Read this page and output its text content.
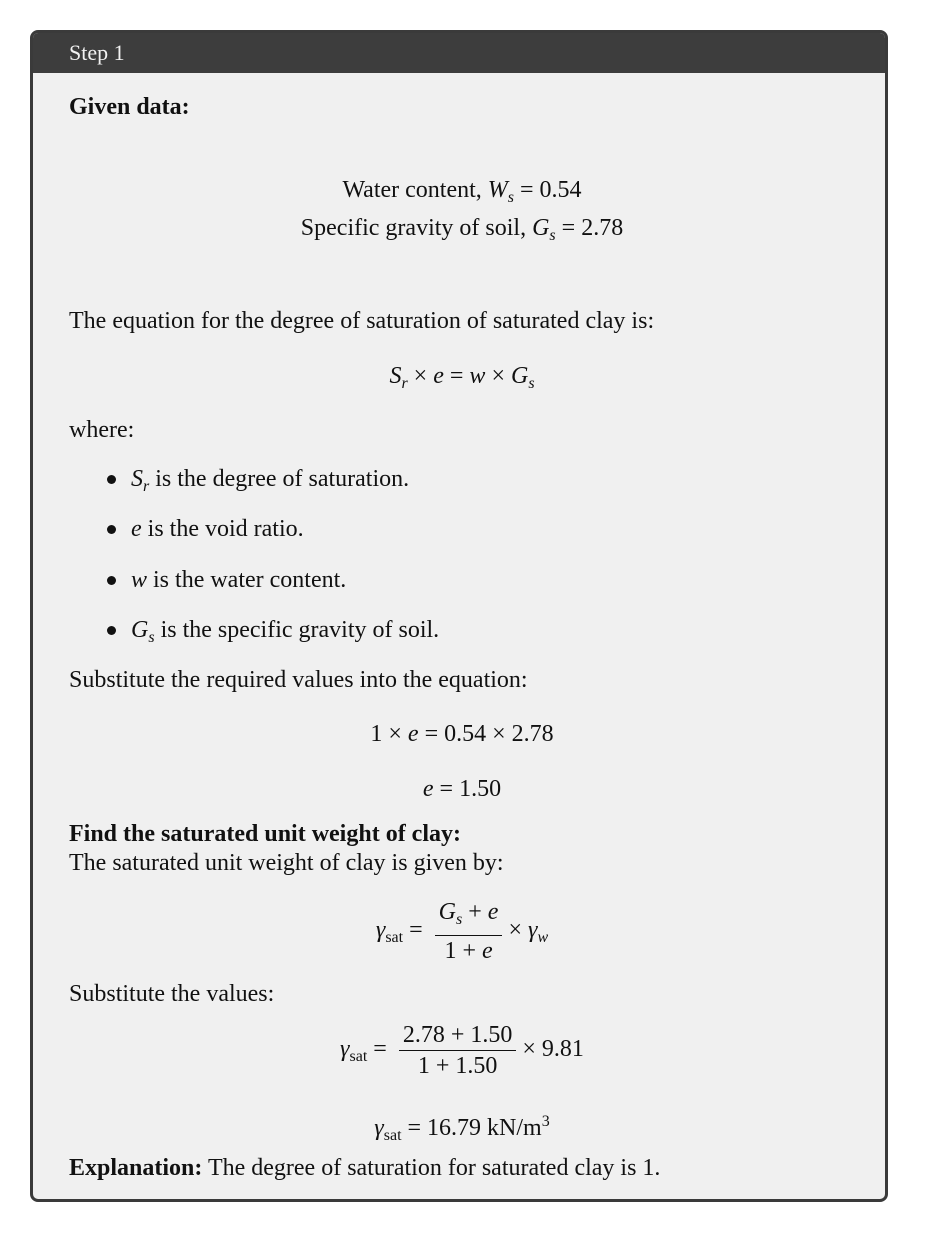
Step 1
Given data:
Water content, $W_s = 0.54$
Specific gravity of soil, $G_s = 2.78$
The equation for the degree of saturation of saturated clay is:
$S_r \times e = w \times G_s$
where:
$S_r$ is the degree of saturation.
e is the void ratio.
w is the water content.
$G_s$ is the specific gravity of soil.
Substitute the required values into the equation:
1 × e = 0.54 × 2.78
e = 1.50
Find the saturated unit weight of clay:
The saturated unit weight of clay is given by:
$\gamma_{sat} = \frac{G_s + e}{1 + e} \times \gamma_w$
Substitute the values:
$\gamma_{sat} = \frac{2.78 + 1.50}{1 + 1.50} \times 9.81$
$\gamma_{sat} = 16.79$ $kN/m^3$
Explanation: The degree of saturation for saturated clay is 1.
